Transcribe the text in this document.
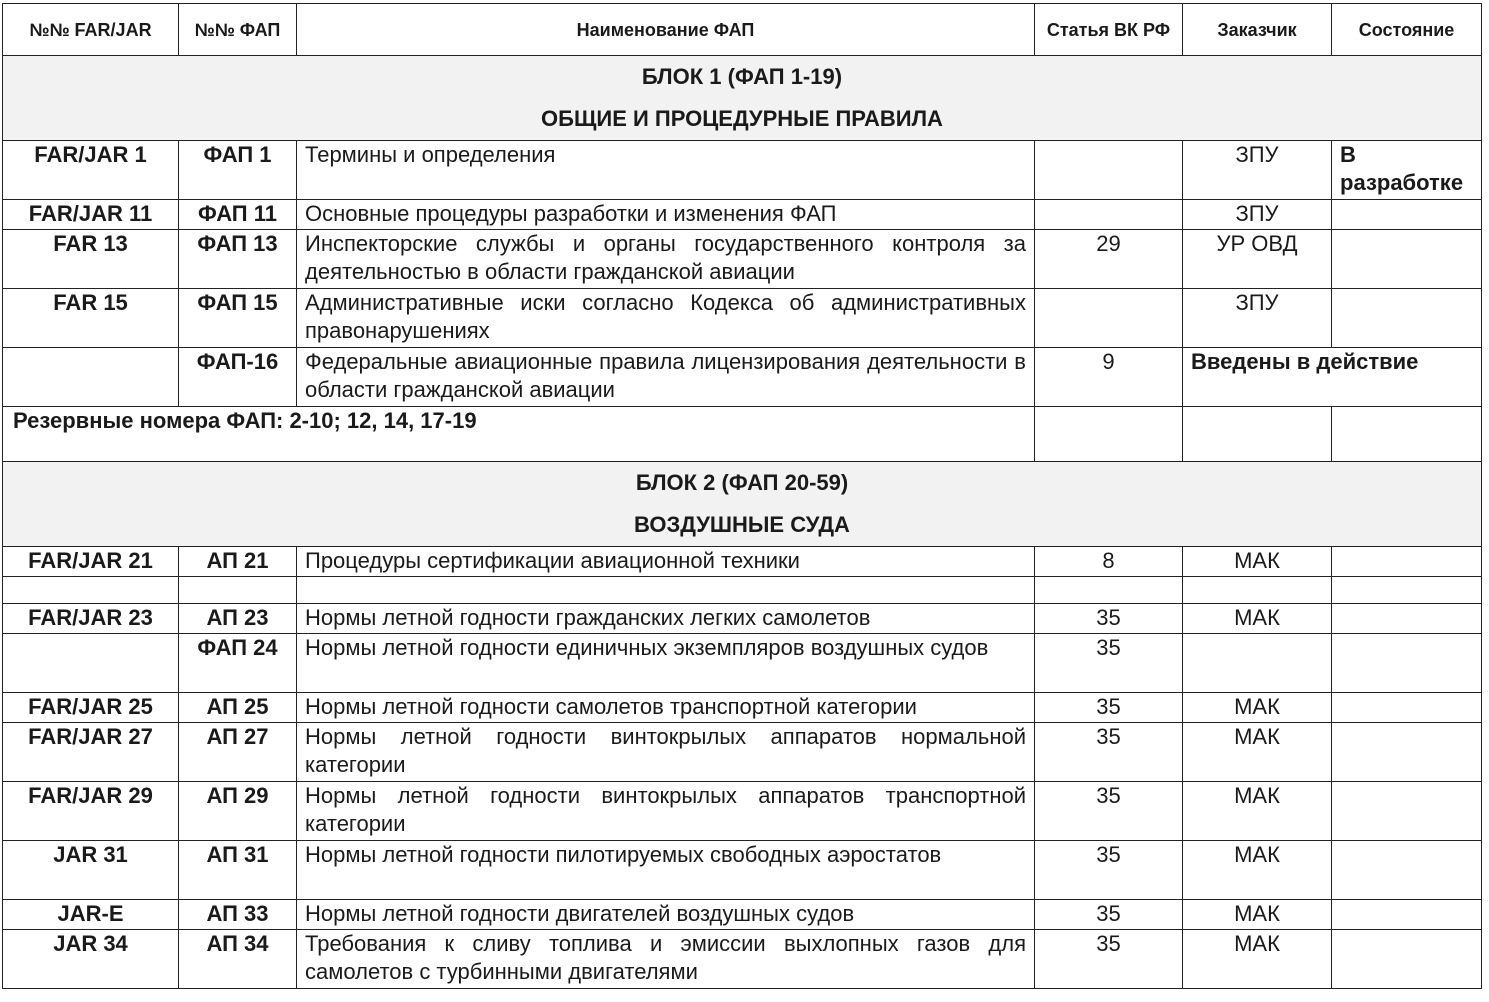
№№ FAR/JAR	№№ ФАП	Наименование ФАП	Статья ВК РФ	Заказчик	Состояние

БЛОК 1 (ФАП 1-19)
ОБЩИЕ И ПРОЦЕДУРНЫЕ ПРАВИЛА					

FAR/JAR 1	ФАП 1	Термины и определения		ЗПУ	В разработке
FAR/JAR 11	ФАП 11	Основные процедуры разработки и изменения ФАП		ЗПУ	
FAR 13	ФАП 13	Инспекторские службы и органы государственного контроля за деятельностью в области гражданской авиации	29	УР ОВД	
FAR 15	ФАП 15	Административные иски согласно Кодекса об административных правонарушениях		ЗПУ	
	ФАП-16	Федеральные авиационные правила лицензирования деятельности в области гражданской авиации	9	Введены в действие	
Резервные номера ФАП: 2-10; 12, 14, 17-19					

БЛОК 2 (ФАП 20-59)
ВОЗДУШНЫЕ СУДА					

FAR/JAR 21	АП 21	Процедуры сертификации авиационной техники	8	МАК	

FAR/JAR 23	АП 23	Нормы летной годности гражданских легких самолетов	35	МАК	
	ФАП 24	Нормы летной годности единичных экземпляров воздушных судов	35		
FAR/JAR 25	АП 25	Нормы летной годности самолетов транспортной категории	35	МАК	
FAR/JAR 27	АП 27	Нормы летной годности винтокрылых аппаратов нормальной категории	35	МАК	
FAR/JAR 29	АП 29	Нормы летной годности винтокрылых аппаратов транспортной категории	35	МАК	
JAR 31	АП 31	Нормы летной годности пилотируемых свободных аэростатов	35	МАК	
JAR-E	АП 33	Нормы летной годности двигателей воздушных судов	35	МАК	
JAR 34	АП 34	Требования к сливу топлива и эмиссии выхлопных газов для самолетов с турбинными двигателями	35	МАК	
